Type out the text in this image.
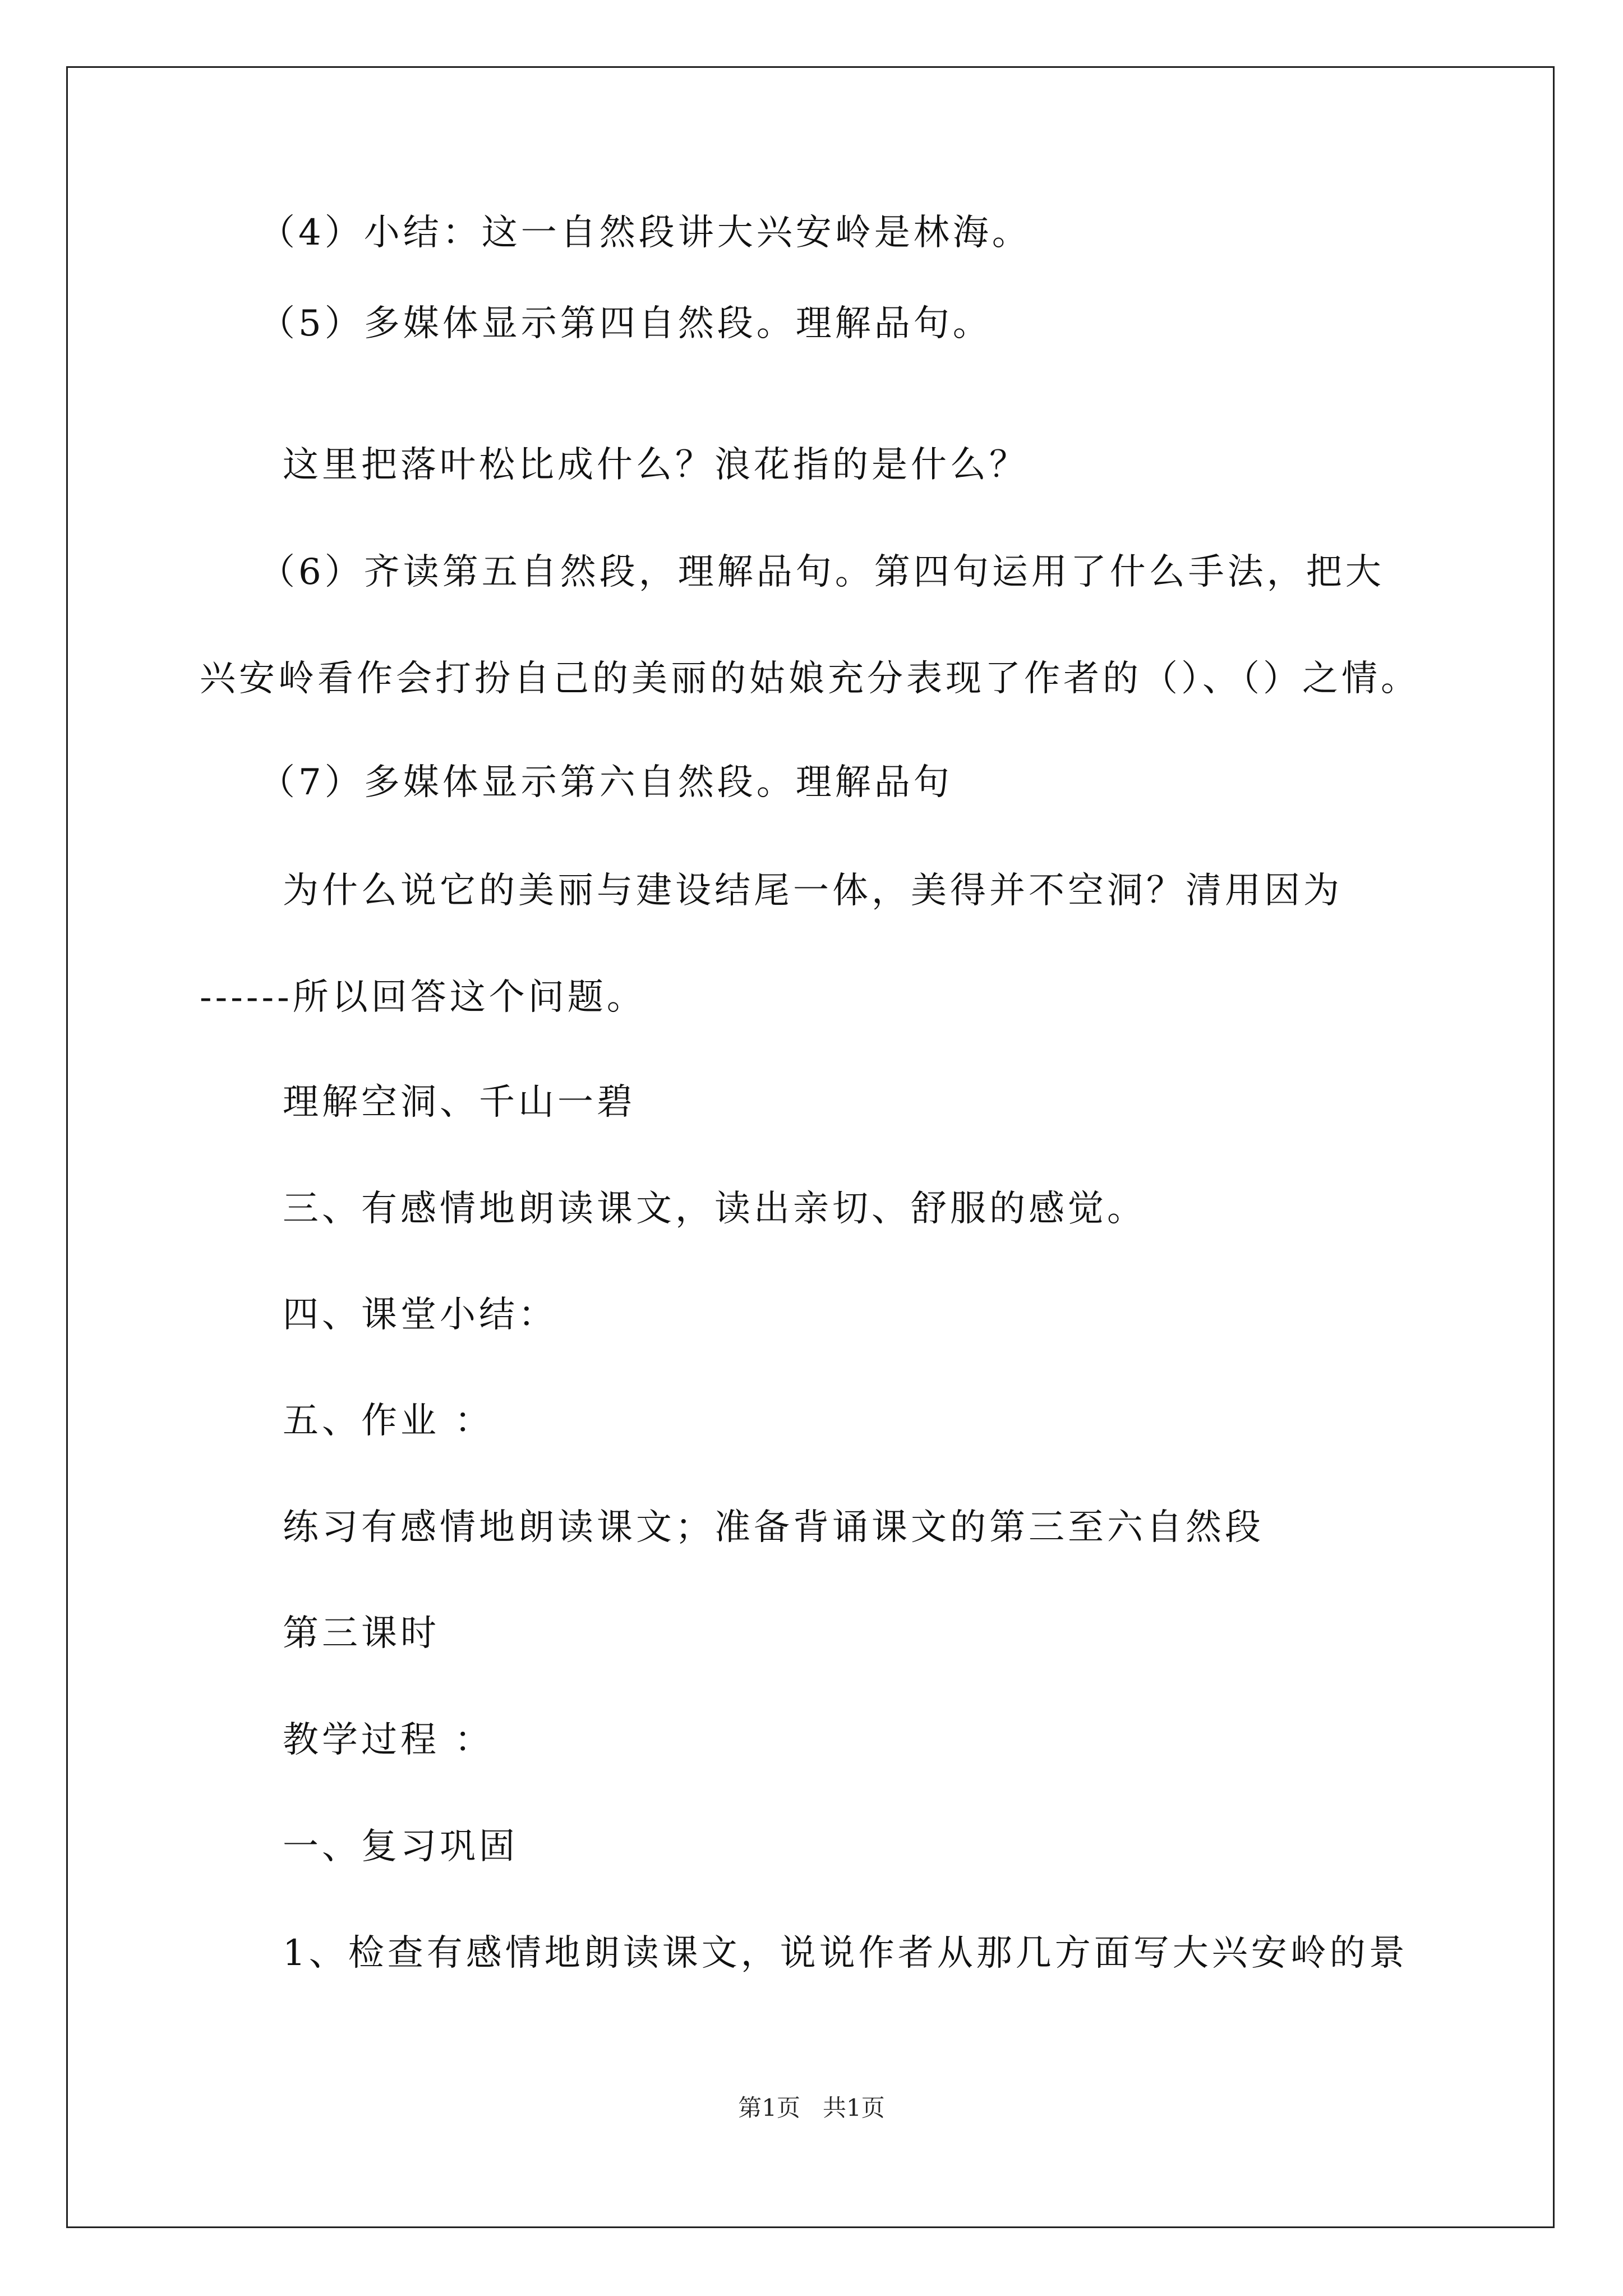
（4）小结：这一自然段讲大兴安岭是林海。
（5）多媒体显示第四自然段。理解品句。
这里把落叶松比成什么？浪花指的是什么？
（6）齐读第五自然段，理解品句。第四句运用了什么手法，把大
兴安岭看作会打扮自己的美丽的姑娘充分表现了作者的（）、（）之情。
（7）多媒体显示第六自然段。理解品句
为什么说它的美丽与建设结尾一体，美得并不空洞？清用因为
------所以回答这个问题。
理解空洞、千山一碧
三、有感情地朗读课文，读出亲切、舒服的感觉。
四、课堂小结：
五、作业 ：
练习有感情地朗读课文；准备背诵课文的第三至六自然段
第三课时
教学过程 ：
一、复习巩固
1、检查有感情地朗读课文，说说作者从那几方面写大兴安岭的景
第1页   共1页
